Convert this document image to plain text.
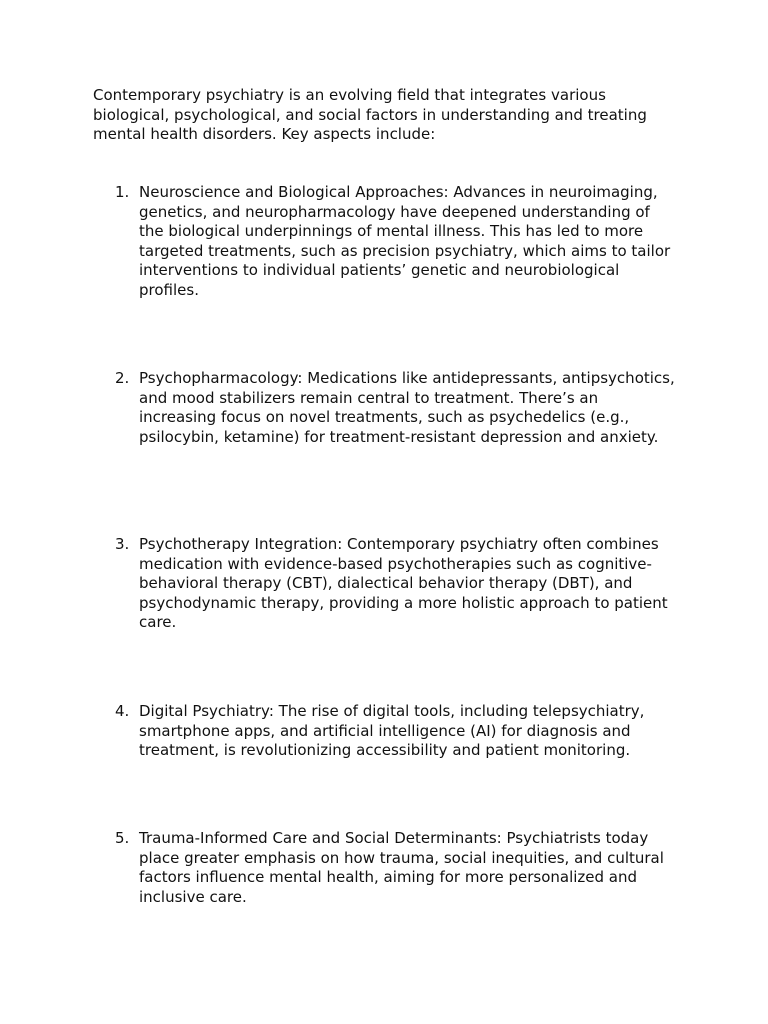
Contemporary psychiatry is an evolving field that integrates various biological, psychological, and social factors in understanding and treating mental health disorders. Key aspects include:

1. Neuroscience and Biological Approaches: Advances in neuroimaging, genetics, and neuropharmacology have deepened understanding of the biological underpinnings of mental illness. This has led to more targeted treatments, such as precision psychiatry, which aims to tailor interventions to individual patients’ genetic and neurobiological profiles.

2. Psychopharmacology: Medications like antidepressants, antipsychotics, and mood stabilizers remain central to treatment. There’s an increasing focus on novel treatments, such as psychedelics (e.g., psilocybin, ketamine) for treatment-resistant depression and anxiety.

3. Psychotherapy Integration: Contemporary psychiatry often combines medication with evidence-based psychotherapies such as cognitive-behavioral therapy (CBT), dialectical behavior therapy (DBT), and psychodynamic therapy, providing a more holistic approach to patient care.

4. Digital Psychiatry: The rise of digital tools, including telepsychiatry, smartphone apps, and artificial intelligence (AI) for diagnosis and treatment, is revolutionizing accessibility and patient monitoring.

5. Trauma-Informed Care and Social Determinants: Psychiatrists today place greater emphasis on how trauma, social inequities, and cultural factors influence mental health, aiming for more personalized and inclusive care.
